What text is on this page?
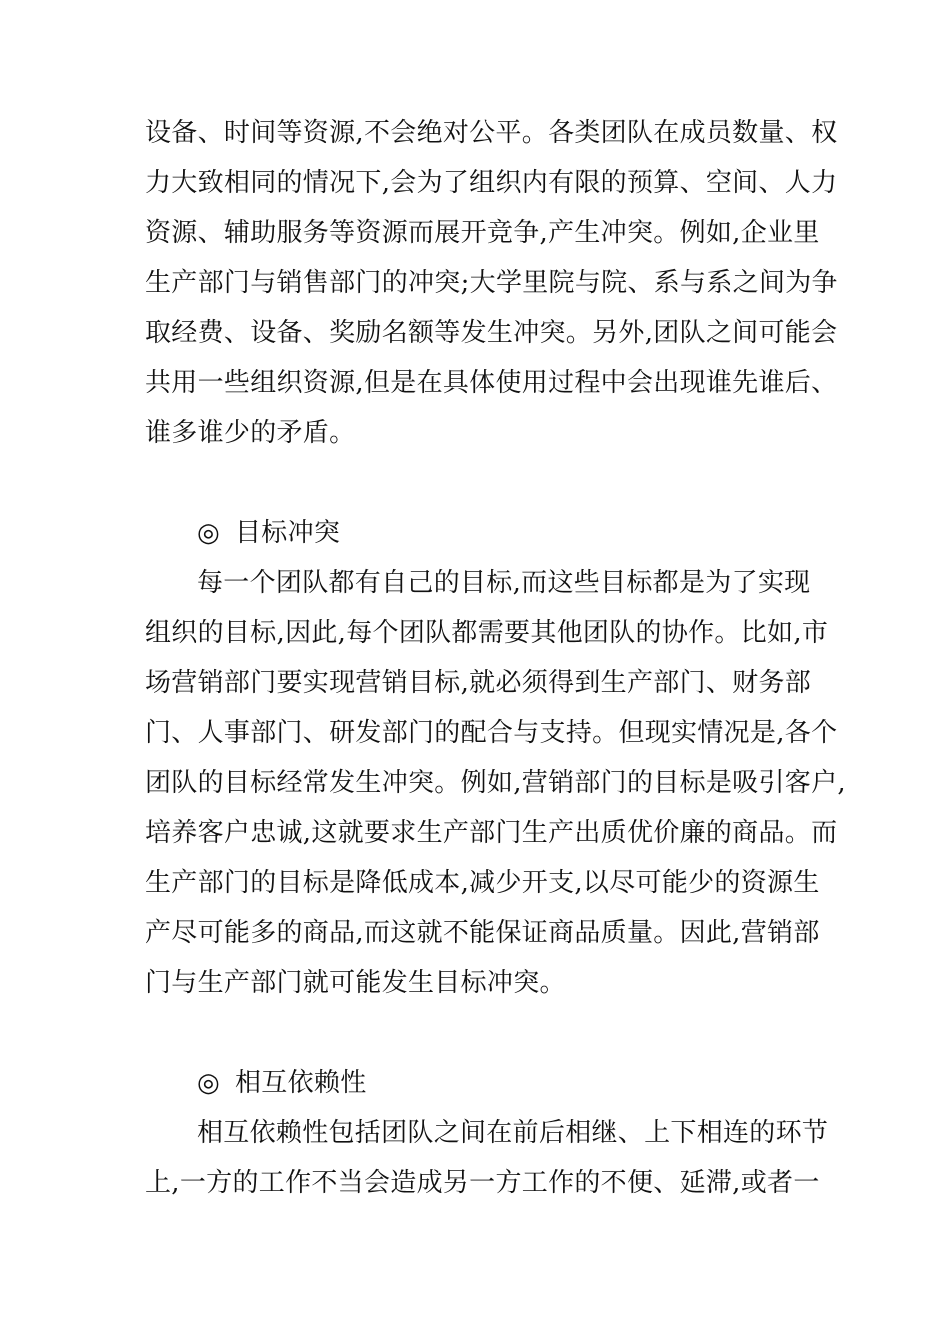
设备、时间等资源,不会绝对公平。各类团队在成员数量、权
力大致相同的情况下,会为了组织内有限的预算、空间、人力
资源、辅助服务等资源而展开竞争,产生冲突。例如,企业里
生产部门与销售部门的冲突;大学里院与院、系与系之间为争
取经费、设备、奖励名额等发生冲突。另外,团队之间可能会
共用一些组织资源,但是在具体使用过程中会出现谁先谁后、
谁多谁少的矛盾。
◎ 目标冲突
每一个团队都有自己的目标,而这些目标都是为了实现
组织的目标,因此,每个团队都需要其他团队的协作。比如,市
场营销部门要实现营销目标,就必须得到生产部门、财务部
门、人事部门、研发部门的配合与支持。但现实情况是,各个
团队的目标经常发生冲突。例如,营销部门的目标是吸引客户,
培养客户忠诚,这就要求生产部门生产出质优价廉的商品。而
生产部门的目标是降低成本,减少开支,以尽可能少的资源生
产尽可能多的商品,而这就不能保证商品质量。因此,营销部
门与生产部门就可能发生目标冲突。
◎ 相互依赖性
相互依赖性包括团队之间在前后相继、上下相连的环节
上,一方的工作不当会造成另一方工作的不便、延滞,或者一
